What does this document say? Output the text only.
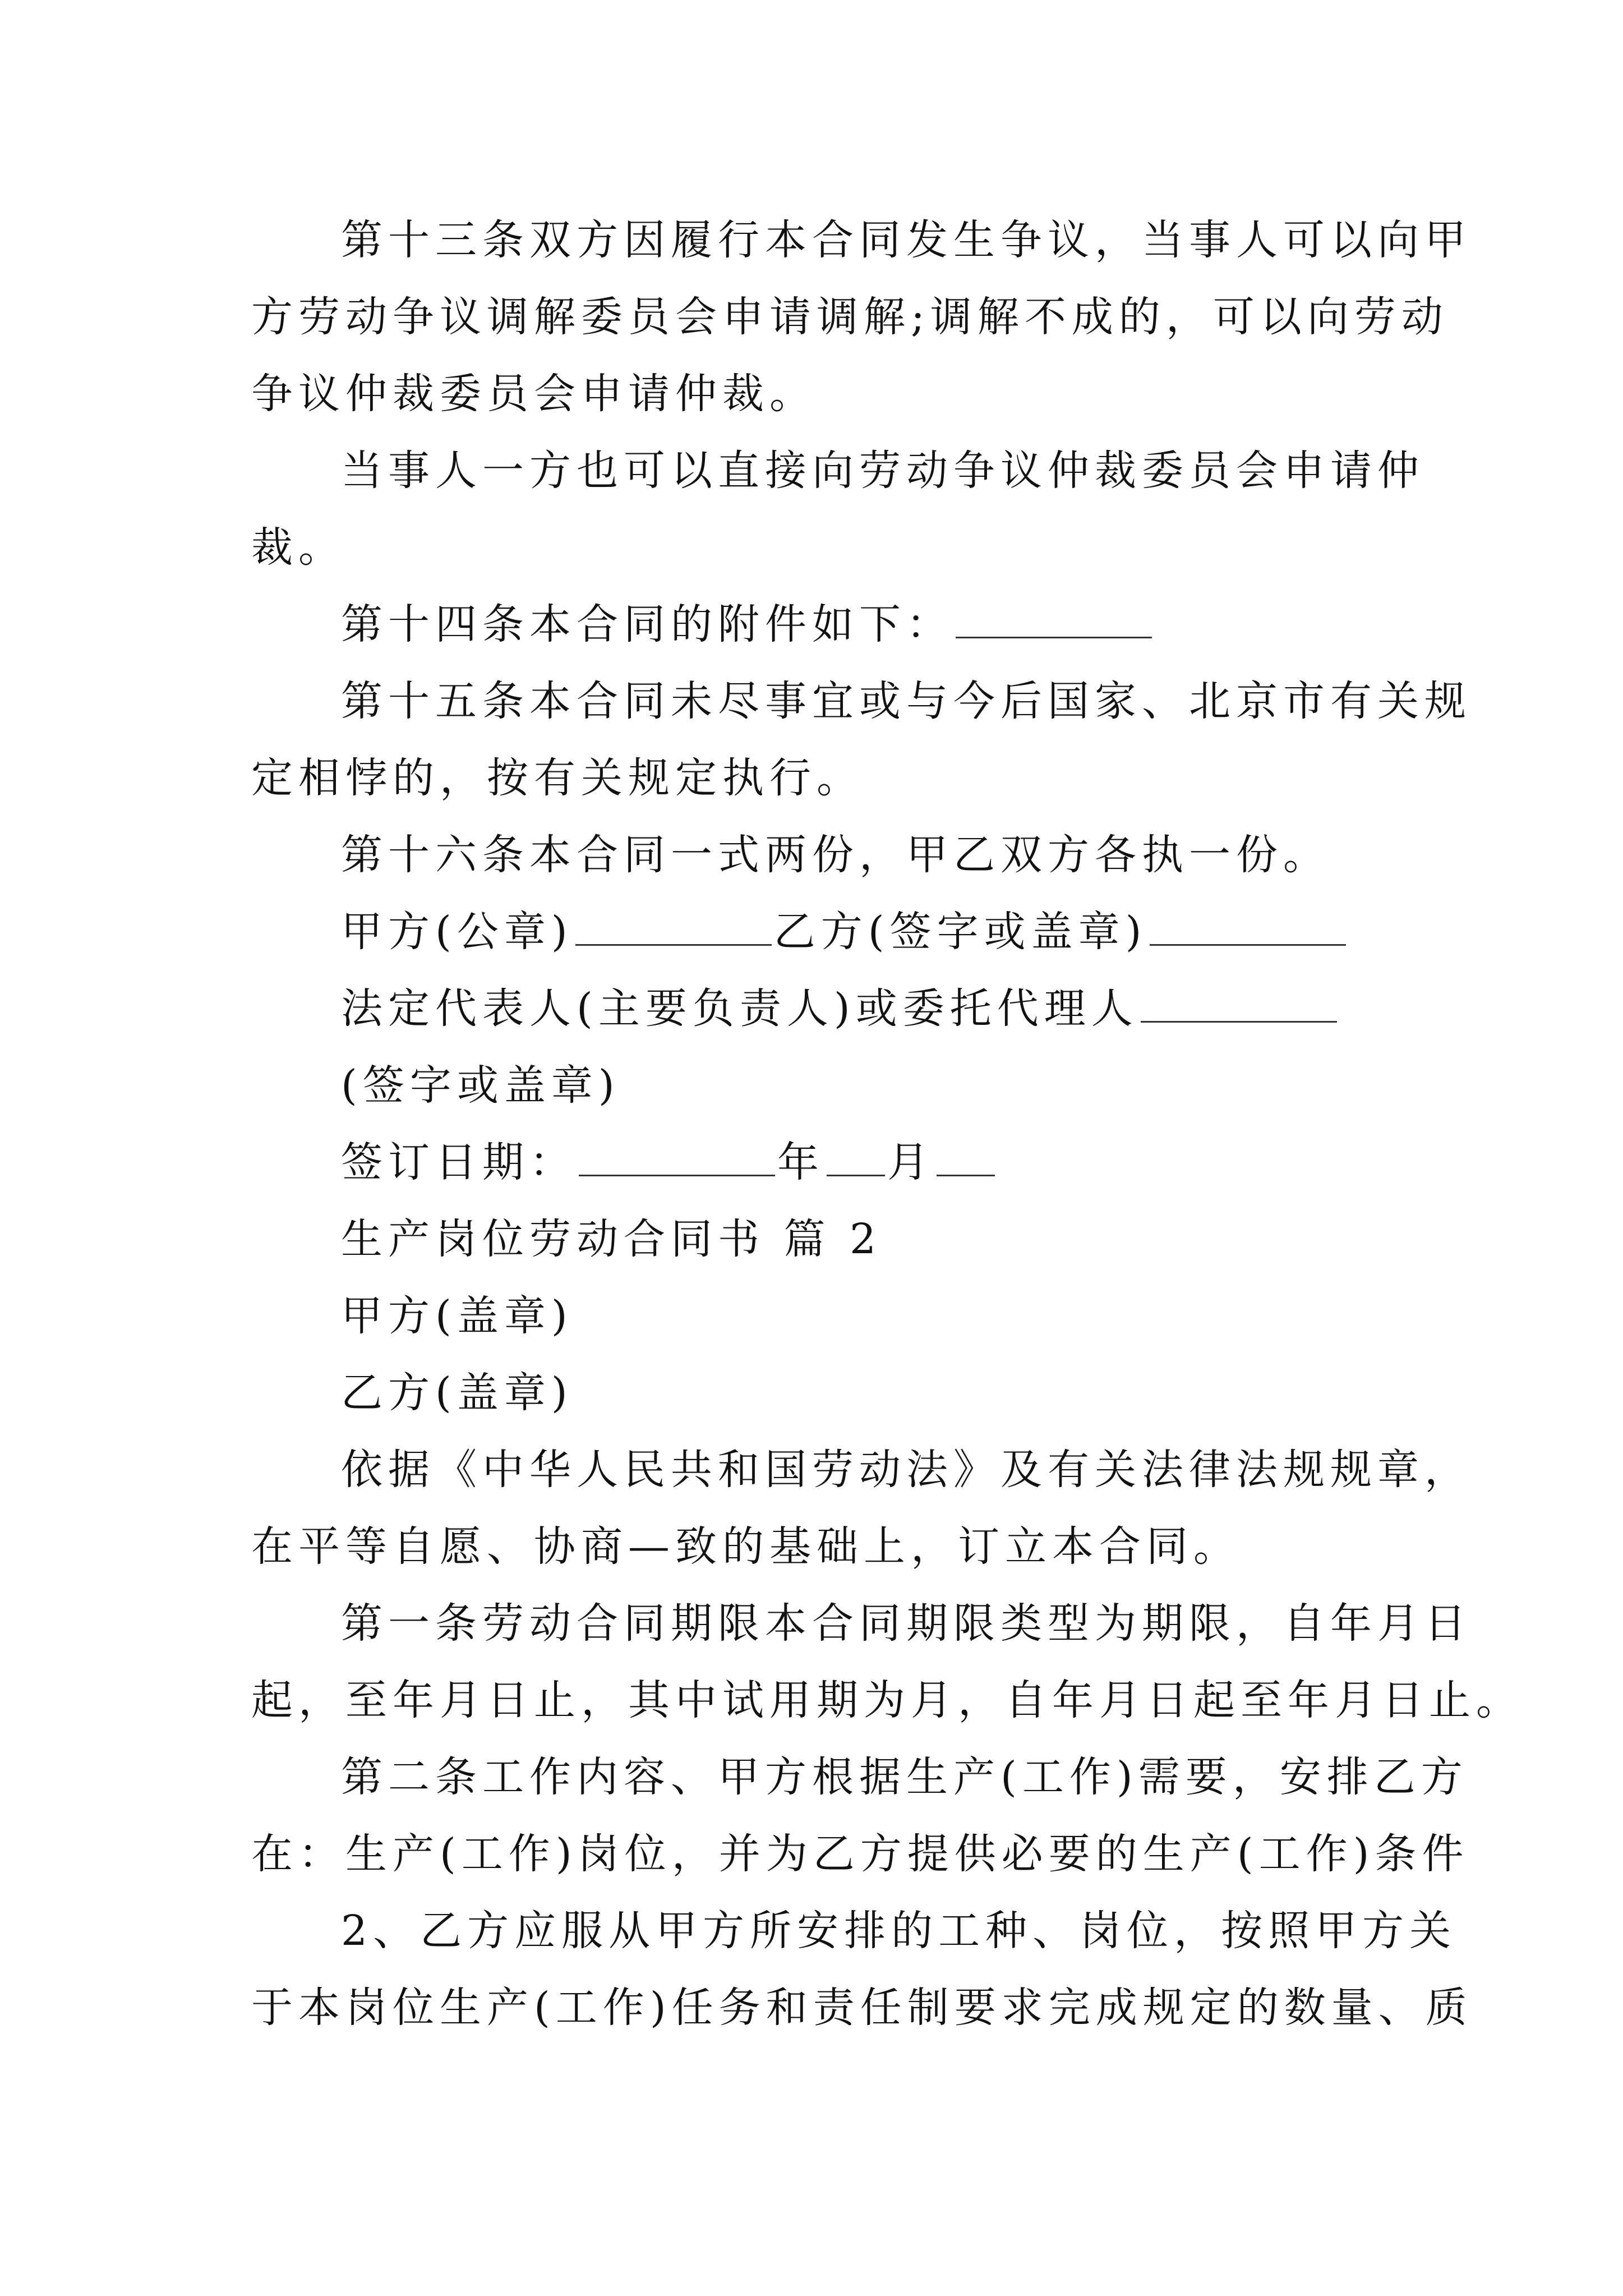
第十三条双方因履行本合同发生争议，当事人可以向甲
方劳动争议调解委员会申请调解;调解不成的，可以向劳动
争议仲裁委员会申请仲裁。
当事人一方也可以直接向劳动争议仲裁委员会申请仲
裁。
第十四条本合同的附件如下：
第十五条本合同未尽事宜或与今后国家、北京市有关规
定相悖的，按有关规定执行。
第十六条本合同一式两份，甲乙双方各执一份。
甲方(公章)	乙方(签字或盖章)
法定代表人(主要负责人)或委托代理人
(签字或盖章)
签订日期：	年 月
生产岗位劳动合同书 篇 2
甲方(盖章)
乙方(盖章)
依据《中华人民共和国劳动法》及有关法律法规规章，
在平等自愿、协商—致的基础上，订立本合同。
第一条劳动合同期限本合同期限类型为期限，自年月日
起，至年月日止，其中试用期为月，自年月日起至年月日止。
第二条工作内容、甲方根据生产(工作)需要，安排乙方
在：生产(工作)岗位，并为乙方提供必要的生产(工作)条件
2、乙方应服从甲方所安排的工种、岗位，按照甲方关
于本岗位生产(工作)任务和责任制要求完成规定的数量、质
